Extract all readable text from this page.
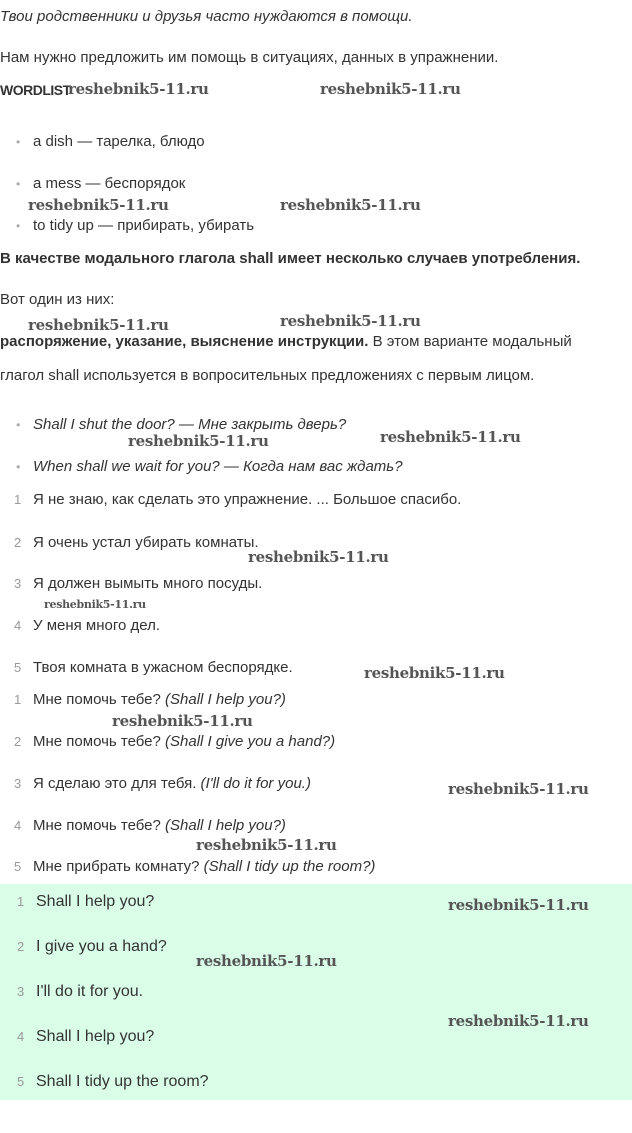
Твои родственники и друзья часто нуждаются в помощи.
Нам нужно предложить им помощь в ситуациях, данных в упражнении.
WORDLIST
• a dish — тарелка, блюдо
• a mess — беспорядок
• to tidy up — прибирать, убирать
В качестве модального глагола shall имеет несколько случаев употребления.
Вот один из них:
распоряжение, указание, выяснение инструкции. В этом варианте модальный
глагол shall используется в вопросительных предложениях с первым лицом.
• Shall I shut the door? — Мне закрыть дверь?
• When shall we wait for you? — Когда нам вас ждать?
1 Я не знаю, как сделать это упражнение. ... Большое спасибо.
2 Я очень устал убирать комнаты.
3 Я должен вымыть много посуды.
4 У меня много дел.
5 Твоя комната в ужасном беспорядке.
1 Мне помочь тебе? (Shall I help you?)
2 Мне помочь тебе? (Shall I give you a hand?)
3 Я сделаю это для тебя. (I'll do it for you.)
4 Мне помочь тебе? (Shall I help you?)
5 Мне прибрать комнату? (Shall I tidy up the room?)
1 Shall I help you?
2 I give you a hand?
3 I'll do it for you.
4 Shall I help you?
5 Shall I tidy up the room?
reshebnik5-11.ru	reshebnik5-11.ru
reshebnik5-11.ru	reshebnik5-11.ru
reshebnik5-11.ru	reshebnik5-11.ru
reshebnik5-11.ru	reshebnik5-11.ru
reshebnik5-11.ru
reshebnik5-11.ru
reshebnik5-11.ru
reshebnik5-11.ru
reshebnik5-11.ru
reshebnik5-11.ru
reshebnik5-11.ru
reshebnik5-11.ru
reshebnik5-11.ru
